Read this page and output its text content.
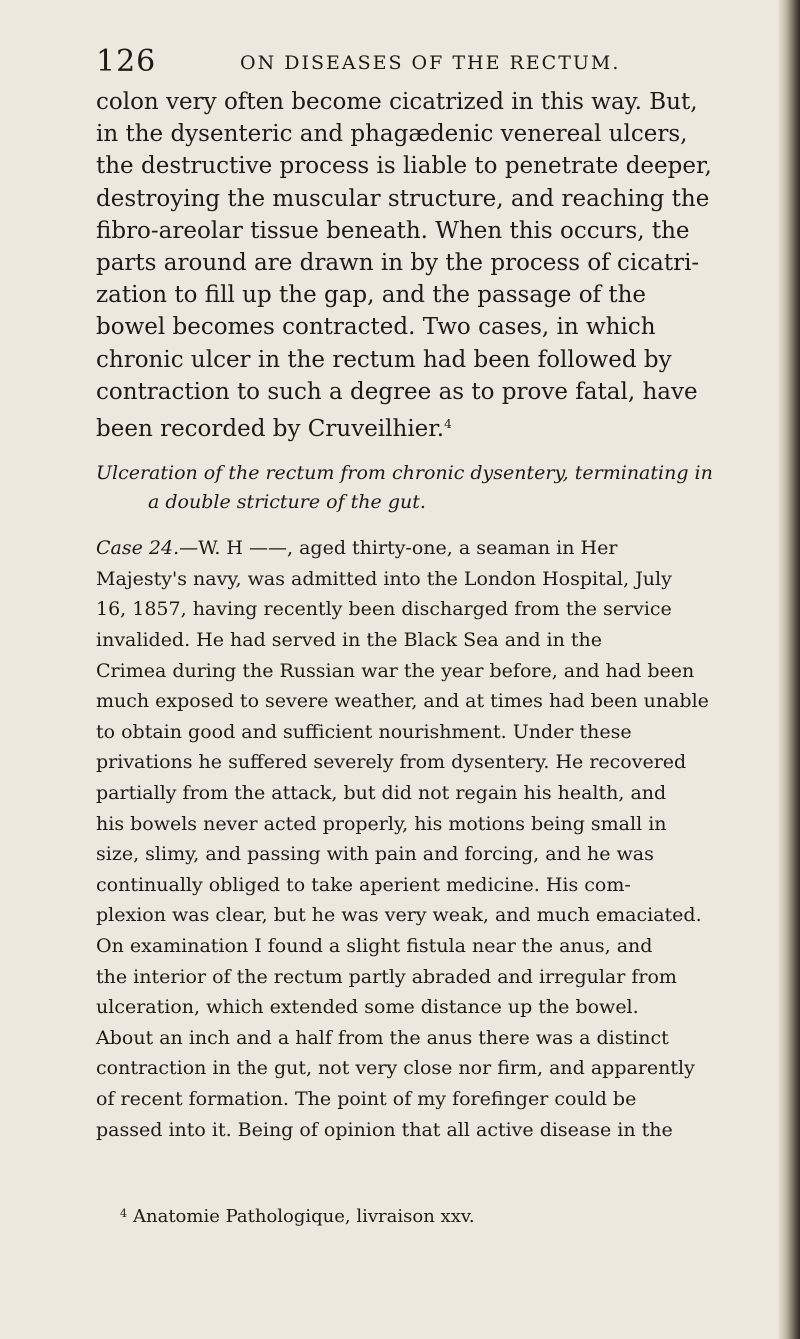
126	ON DISEASES OF THE RECTUM.
colon very often become cicatrized in this way. But,
in the dysenteric and phagædenic venereal ulcers,
the destructive process is liable to penetrate deeper,
destroying the muscular structure, and reaching the
fibro-areolar tissue beneath. When this occurs, the
parts around are drawn in by the process of cicatri-
zation to fill up the gap, and the passage of the
bowel becomes contracted. Two cases, in which
chronic ulcer in the rectum had been followed by
contraction to such a degree as to prove fatal, have
been recorded by Cruveilhier.$^4$
Ulceration of the rectum from chronic dysentery, terminating in
a double stricture of the gut.
Case 24.—W. H ——, aged thirty-one, a seaman in Her
Majesty's navy, was admitted into the London Hospital, July
16, 1857, having recently been discharged from the service
invalided. He had served in the Black Sea and in the
Crimea during the Russian war the year before, and had been
much exposed to severe weather, and at times had been unable
to obtain good and sufficient nourishment. Under these
privations he suffered severely from dysentery. He recovered
partially from the attack, but did not regain his health, and
his bowels never acted properly, his motions being small in
size, slimy, and passing with pain and forcing, and he was
continually obliged to take aperient medicine. His com-
plexion was clear, but he was very weak, and much emaciated.
On examination I found a slight fistula near the anus, and
the interior of the rectum partly abraded and irregular from
ulceration, which extended some distance up the bowel.
About an inch and a half from the anus there was a distinct
contraction in the gut, not very close nor firm, and apparently
of recent formation. The point of my forefinger could be
passed into it. Being of opinion that all active disease in the
$^4$ Anatomie Pathologique, livraison xxv.
